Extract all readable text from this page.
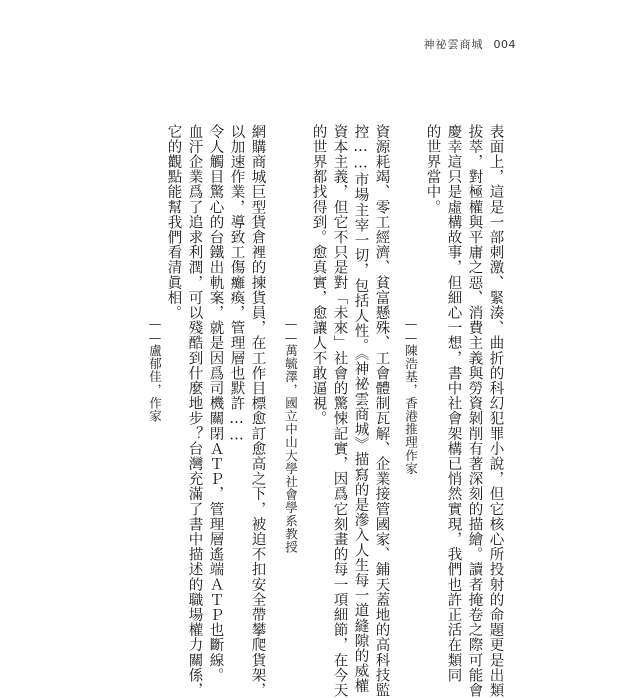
神祕雲商城 004
表面上，這是一部刺激、緊湊、曲折的科幻犯罪小說，但它核心所投射的命題更是出類
拔萃，對極權與平庸之惡、消費主義與勞資剝削有著深刻的描繪。讀者掩卷之際可能會
慶幸這只是虛構故事，但細心一想，書中社會架構已悄然實現，我們也許正活在類同
的世界當中。
——陳浩基，香港推理作家
資源耗竭、零工經濟、貧富懸殊、工會體制瓦解、企業接管國家、鋪天蓋地的高科技監
控……市場主宰一切，包括人性。《神祕雲商城》描寫的是滲入人生每一道縫隙的威權
資本主義，但它不只是對「未來」社會的驚悚記實，因爲它刻畫的每一項細節，在今天
的世界都找得到。愈真實，愈讓人不敢逼視。
——萬毓澤，國立中山大學社會學系教授
網購商城巨型貨倉裡的揀貨員，在工作目標愈訂愈高之下，被迫不扣安全帶攀爬貨架，
以加速作業，導致工傷癱瘓，管理層也默許……
令人觸目驚心的台鐵出軌案，就是因爲司機關閉ＡＴＰ，管理層遙端ＡＴＰ也斷線。
血汗企業爲了追求利潤，可以殘酷到什麼地步？台灣充滿了書中描述的職場權力關係，
它的觀點能幫我們看清眞相。
——盧郁佳，作家
